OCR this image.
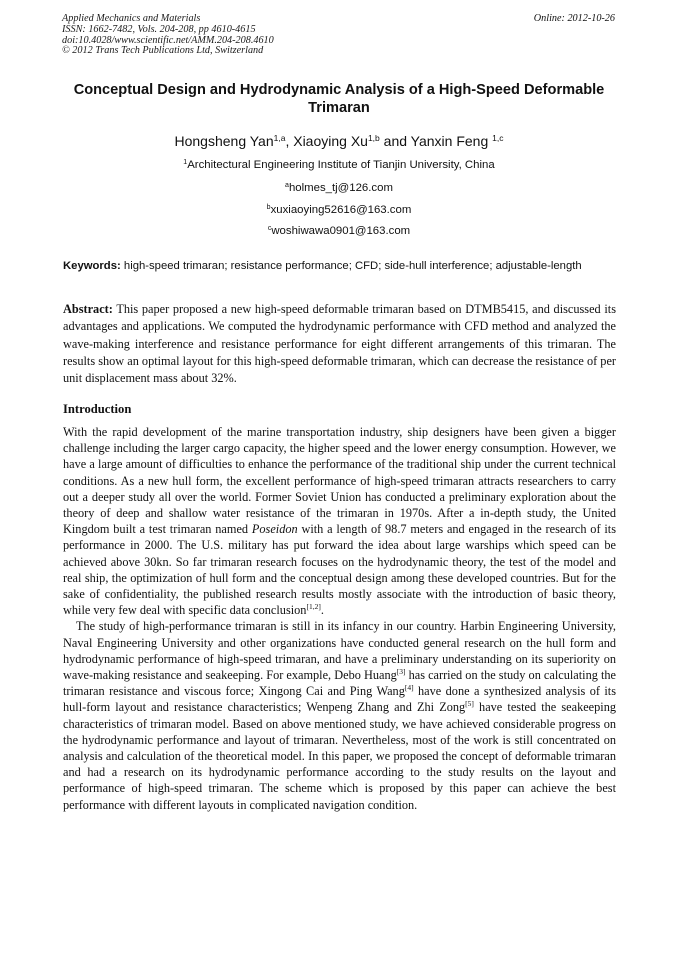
Applied Mechanics and Materials
ISSN: 1662-7482, Vols. 204-208, pp 4610-4615
doi:10.4028/www.scientific.net/AMM.204-208.4610
© 2012 Trans Tech Publications Ltd, Switzerland
Online: 2012-10-26
Conceptual Design and Hydrodynamic Analysis of a High-Speed Deformable Trimaran
Hongsheng Yan$^{1,a}$, Xiaoying Xu$^{1,b}$ and Yanxin Feng $^{1,c}$
$^1$Architectural Engineering Institute of Tianjin University, China
$^a$holmes_tj@126.com
$^b$xuxiaoying52616@163.com
$^c$woshiwawa0901@163.com
Keywords: high-speed trimaran; resistance performance; CFD; side-hull interference; adjustable-length
Abstract: This paper proposed a new high-speed deformable trimaran based on DTMB5415, and discussed its advantages and applications. We computed the hydrodynamic performance with CFD method and analyzed the wave-making interference and resistance performance for eight different arrangements of this trimaran. The results show an optimal layout for this high-speed deformable trimaran, which can decrease the resistance of per unit displacement mass about 32%.
Introduction

With the rapid development of the marine transportation industry, ship designers have been given a bigger challenge including the larger cargo capacity, the higher speed and the lower energy consumption. However, we have a large amount of difficulties to enhance the performance of the traditional ship under the current technical conditions. As a new hull form, the excellent performance of high-speed trimaran attracts researchers to carry out a deeper study all over the world. Former Soviet Union has conducted a preliminary exploration about the theory of deep and shallow water resistance of the trimaran in 1970s. After a in-depth study, the United Kingdom built a test trimaran named Poseidon with a length of 98.7 meters and engaged in the research of its performance in 2000. The U.S. military has put forward the idea about large warships which speed can be achieved above 30kn. So far trimaran research focuses on the hydrodynamic theory, the test of the model and real ship, the optimization of hull form and the conceptual design among these developed countries. But for the sake of confidentiality, the published research results mostly associate with the introduction of basic theory, while very few deal with specific data conclusion[1,2].

The study of high-performance trimaran is still in its infancy in our country. Harbin Engineering University, Naval Engineering University and other organizations have conducted general research on the hull form and hydrodynamic performance of high-speed trimaran, and have a preliminary understanding on its superiority on wave-making resistance and seakeeping. For example, Debo Huang[3] has carried on the study on calculating the trimaran resistance and viscous force; Xingong Cai and Ping Wang[4] have done a synthesized analysis of its hull-form layout and resistance characteristics; Wenpeng Zhang and Zhi Zong[5] have tested the seakeeping characteristics of trimaran model. Based on above mentioned study, we have achieved considerable progress on the hydrodynamic performance and layout of trimaran. Nevertheless, most of the work is still concentrated on analysis and calculation of the theoretical model. In this paper, we proposed the concept of deformable trimaran and had a research on its hydrodynamic performance according to the study results on the layout and performance of high-speed trimaran. The scheme which is proposed by this paper can achieve the best performance with different layouts in complicated navigation condition.
